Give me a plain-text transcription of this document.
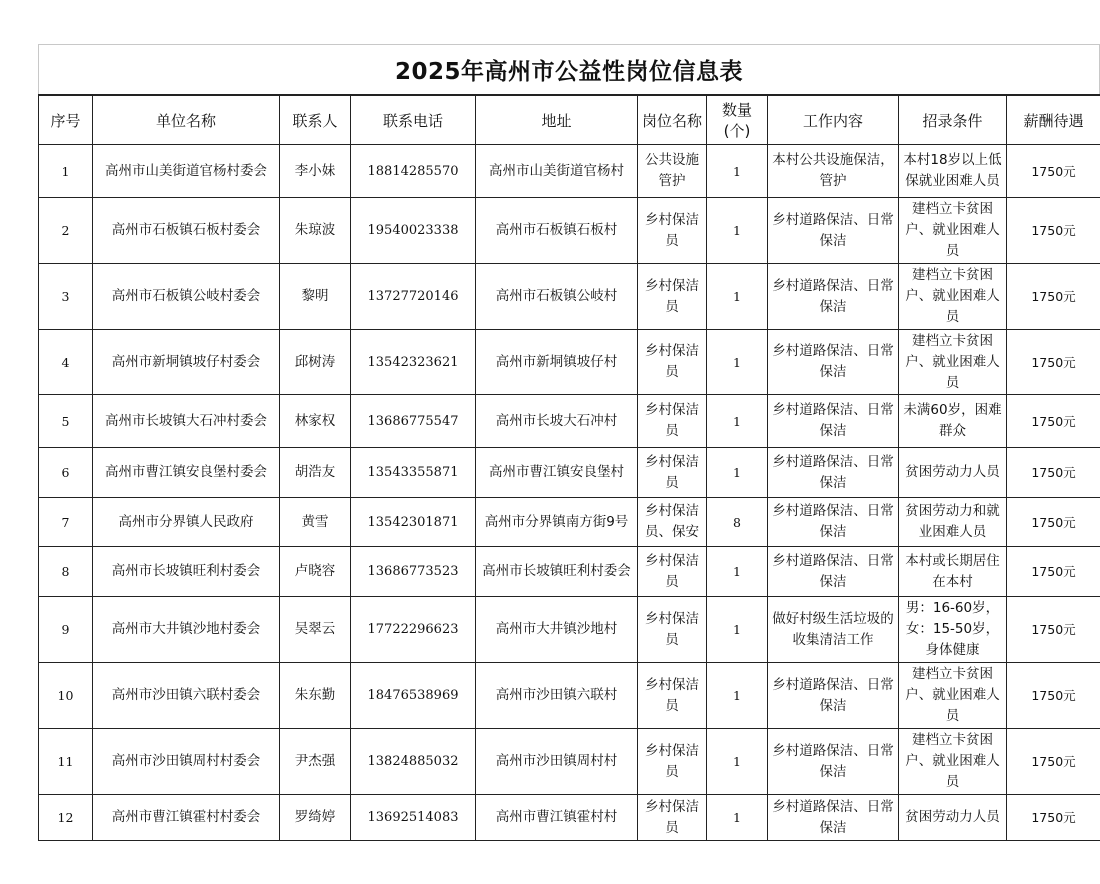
2025年高州市公益性岗位信息表
序号	单位名称	联系人	联系电话	地址	岗位名称	数量(个)	工作内容	招录条件	薪酬待遇
1	高州市山美街道官杨村委会	李小妹	18814285570	高州市山美街道官杨村	公共设施管护	1	本村公共设施保洁，管护	本村18岁以上低保就业困难人员	1750元
2	高州市石板镇石板村委会	朱琼波	19540023338	高州市石板镇石板村	乡村保洁员	1	乡村道路保洁、日常保洁	建档立卡贫困户、就业困难人员	1750元
3	高州市石板镇公岐村委会	黎明	13727720146	高州市石板镇公岐村	乡村保洁员	1	乡村道路保洁、日常保洁	建档立卡贫困户、就业困难人员	1750元
4	高州市新垌镇坡仔村委会	邱树涛	13542323621	高州市新垌镇坡仔村	乡村保洁员	1	乡村道路保洁、日常保洁	建档立卡贫困户、就业困难人员	1750元
5	高州市长坡镇大石冲村委会	林家权	13686775547	高州市长坡大石冲村	乡村保洁员	1	乡村道路保洁、日常保洁	未满60岁，困难群众	1750元
6	高州市曹江镇安良堡村委会	胡浩友	13543355871	高州市曹江镇安良堡村	乡村保洁员	1	乡村道路保洁、日常保洁	贫困劳动力人员	1750元
7	高州市分界镇人民政府	黄雪	13542301871	高州市分界镇南方街9号	乡村保洁员、保安	8	乡村道路保洁、日常保洁	贫困劳动力和就业困难人员	1750元
8	高州市长坡镇旺利村委会	卢晓容	13686773523	高州市长坡镇旺利村委会	乡村保洁员	1	乡村道路保洁、日常保洁	本村或长期居住在本村	1750元
9	高州市大井镇沙地村委会	吴翠云	17722296623	高州市大井镇沙地村	乡村保洁员	1	做好村级生活垃圾的收集清洁工作	男：16-60岁，女：15-50岁，身体健康	1750元
10	高州市沙田镇六联村委会	朱东勤	18476538969	高州市沙田镇六联村	乡村保洁员	1	乡村道路保洁、日常保洁	建档立卡贫困户、就业困难人员	1750元
11	高州市沙田镇周村村委会	尹杰强	13824885032	高州市沙田镇周村村	乡村保洁员	1	乡村道路保洁、日常保洁	建档立卡贫困户、就业困难人员	1750元
12	高州市曹江镇霍村村委会	罗绮婷	13692514083	高州市曹江镇霍村村	乡村保洁员	1	乡村道路保洁、日常保洁	贫困劳动力人员	1750元
